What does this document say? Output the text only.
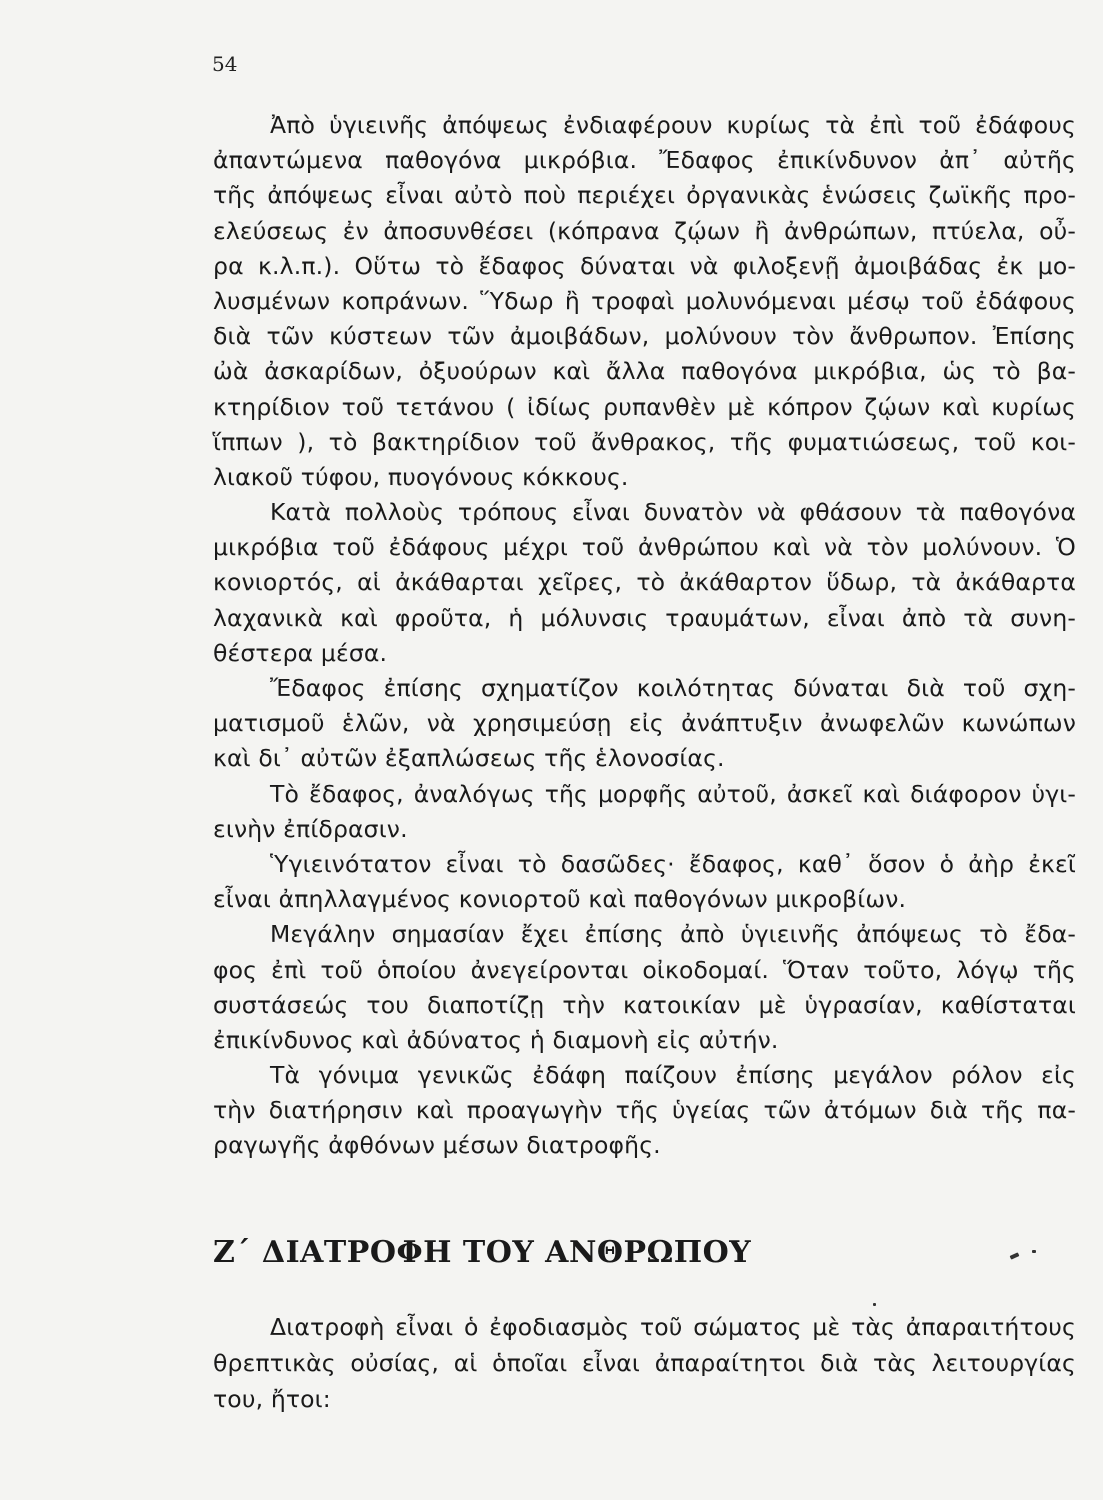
54
Ἀπὸ ὑγιεινῆς ἀπόψεως ἐνδιαφέρουν κυρίως τὰ ἐπὶ τοῦ ἐδάφους
ἀπαντώμενα παθογόνα μικρόβια. Ἔδαφος ἐπικίνδυνον ἀπ᾽ αὐτῆς
τῆς ἀπόψεως εἶναι αὐτὸ ποὺ περιέχει ὀργανικὰς ἑνώσεις ζωϊκῆς προ-
ελεύσεως ἐν ἀποσυνθέσει (κόπρανα ζῴων ἢ ἀνθρώπων, πτύελα, οὖ-
ρα κ.λ.π.). Οὕτω τὸ ἔδαφος δύναται νὰ φιλοξενῇ ἀμοιβάδας ἐκ μο-
λυσμένων κοπράνων. Ὕδωρ ἢ τροφαὶ μολυνόμεναι μέσῳ τοῦ ἐδάφους
διὰ τῶν κύστεων τῶν ἀμοιβάδων, μολύνουν τὸν ἄνθρωπον. Ἐπίσης
ὠὰ ἀσκαρίδων, ὀξυούρων καὶ ἄλλα παθογόνα μικρόβια, ὡς τὸ βα-
κτηρίδιον τοῦ τετάνου ( ἰδίως ρυπανθὲν μὲ κόπρον ζῴων καὶ κυρίως
ἵππων ), τὸ βακτηρίδιον τοῦ ἄνθρακος, τῆς φυματιώσεως, τοῦ κοι-
λιακοῦ τύφου, πυογόνους κόκκους.
Κατὰ πολλοὺς τρόπους εἶναι δυνατὸν νὰ φθάσουν τὰ παθογόνα
μικρόβια τοῦ ἐδάφους μέχρι τοῦ ἀνθρώπου καὶ νὰ τὸν μολύνουν. Ὁ
κονιορτός, αἱ ἀκάθαρται χεῖρες, τὸ ἀκάθαρτον ὕδωρ, τὰ ἀκάθαρτα
λαχανικὰ καὶ φροῦτα, ἡ μόλυνσις τραυμάτων, εἶναι ἀπὸ τὰ συνη-
θέστερα μέσα.
Ἔδαφος ἐπίσης σχηματίζον κοιλότητας δύναται διὰ τοῦ σχη-
ματισμοῦ ἑλῶν, νὰ χρησιμεύσῃ εἰς ἀνάπτυξιν ἀνωφελῶν κωνώπων
καὶ δι᾽ αὐτῶν ἐξαπλώσεως τῆς ἑλονοσίας.
Τὸ ἔδαφος, ἀναλόγως τῆς μορφῆς αὐτοῦ, ἀσκεῖ καὶ διάφορον ὑγι-
εινὴν ἐπίδρασιν.
Ὑγιεινότατον εἶναι τὸ δασῶδες· ἔδαφος, καθ᾽ ὅσον ὁ ἀὴρ ἐκεῖ
εἶναι ἀπηλλαγμένος κονιορτοῦ καὶ παθογόνων μικροβίων.
Μεγάλην σημασίαν ἔχει ἐπίσης ἀπὸ ὑγιεινῆς ἀπόψεως τὸ ἔδα-
φος ἐπὶ τοῦ ὁποίου ἀνεγείρονται οἰκοδομαί. Ὅταν τοῦτο, λόγῳ τῆς
συστάσεώς του διαποτίζῃ τὴν κατοικίαν μὲ ὑγρασίαν, καθίσταται
ἐπικίνδυνος καὶ ἀδύνατος ἡ διαμονὴ εἰς αὐτήν.
Τὰ γόνιμα γενικῶς ἐδάφη παίζουν ἐπίσης μεγάλον ρόλον εἰς
τὴν διατήρησιν καὶ προαγωγὴν τῆς ὑγείας τῶν ἀτόμων διὰ τῆς πα-
ραγωγῆς ἀφθόνων μέσων διατροφῆς.
Ζ΄ ΔΙΑΤΡΟΦΗ ΤΟΥ ΑΝΘΡΩΠΟΥ
Διατροφὴ εἶναι ὁ ἐφοδιασμὸς τοῦ σώματος μὲ τὰς ἀπαραιτήτους
θρεπτικὰς οὐσίας, αἱ ὁποῖαι εἶναι ἀπαραίτητοι διὰ τὰς λειτουργίας
του, ἤτοι:
